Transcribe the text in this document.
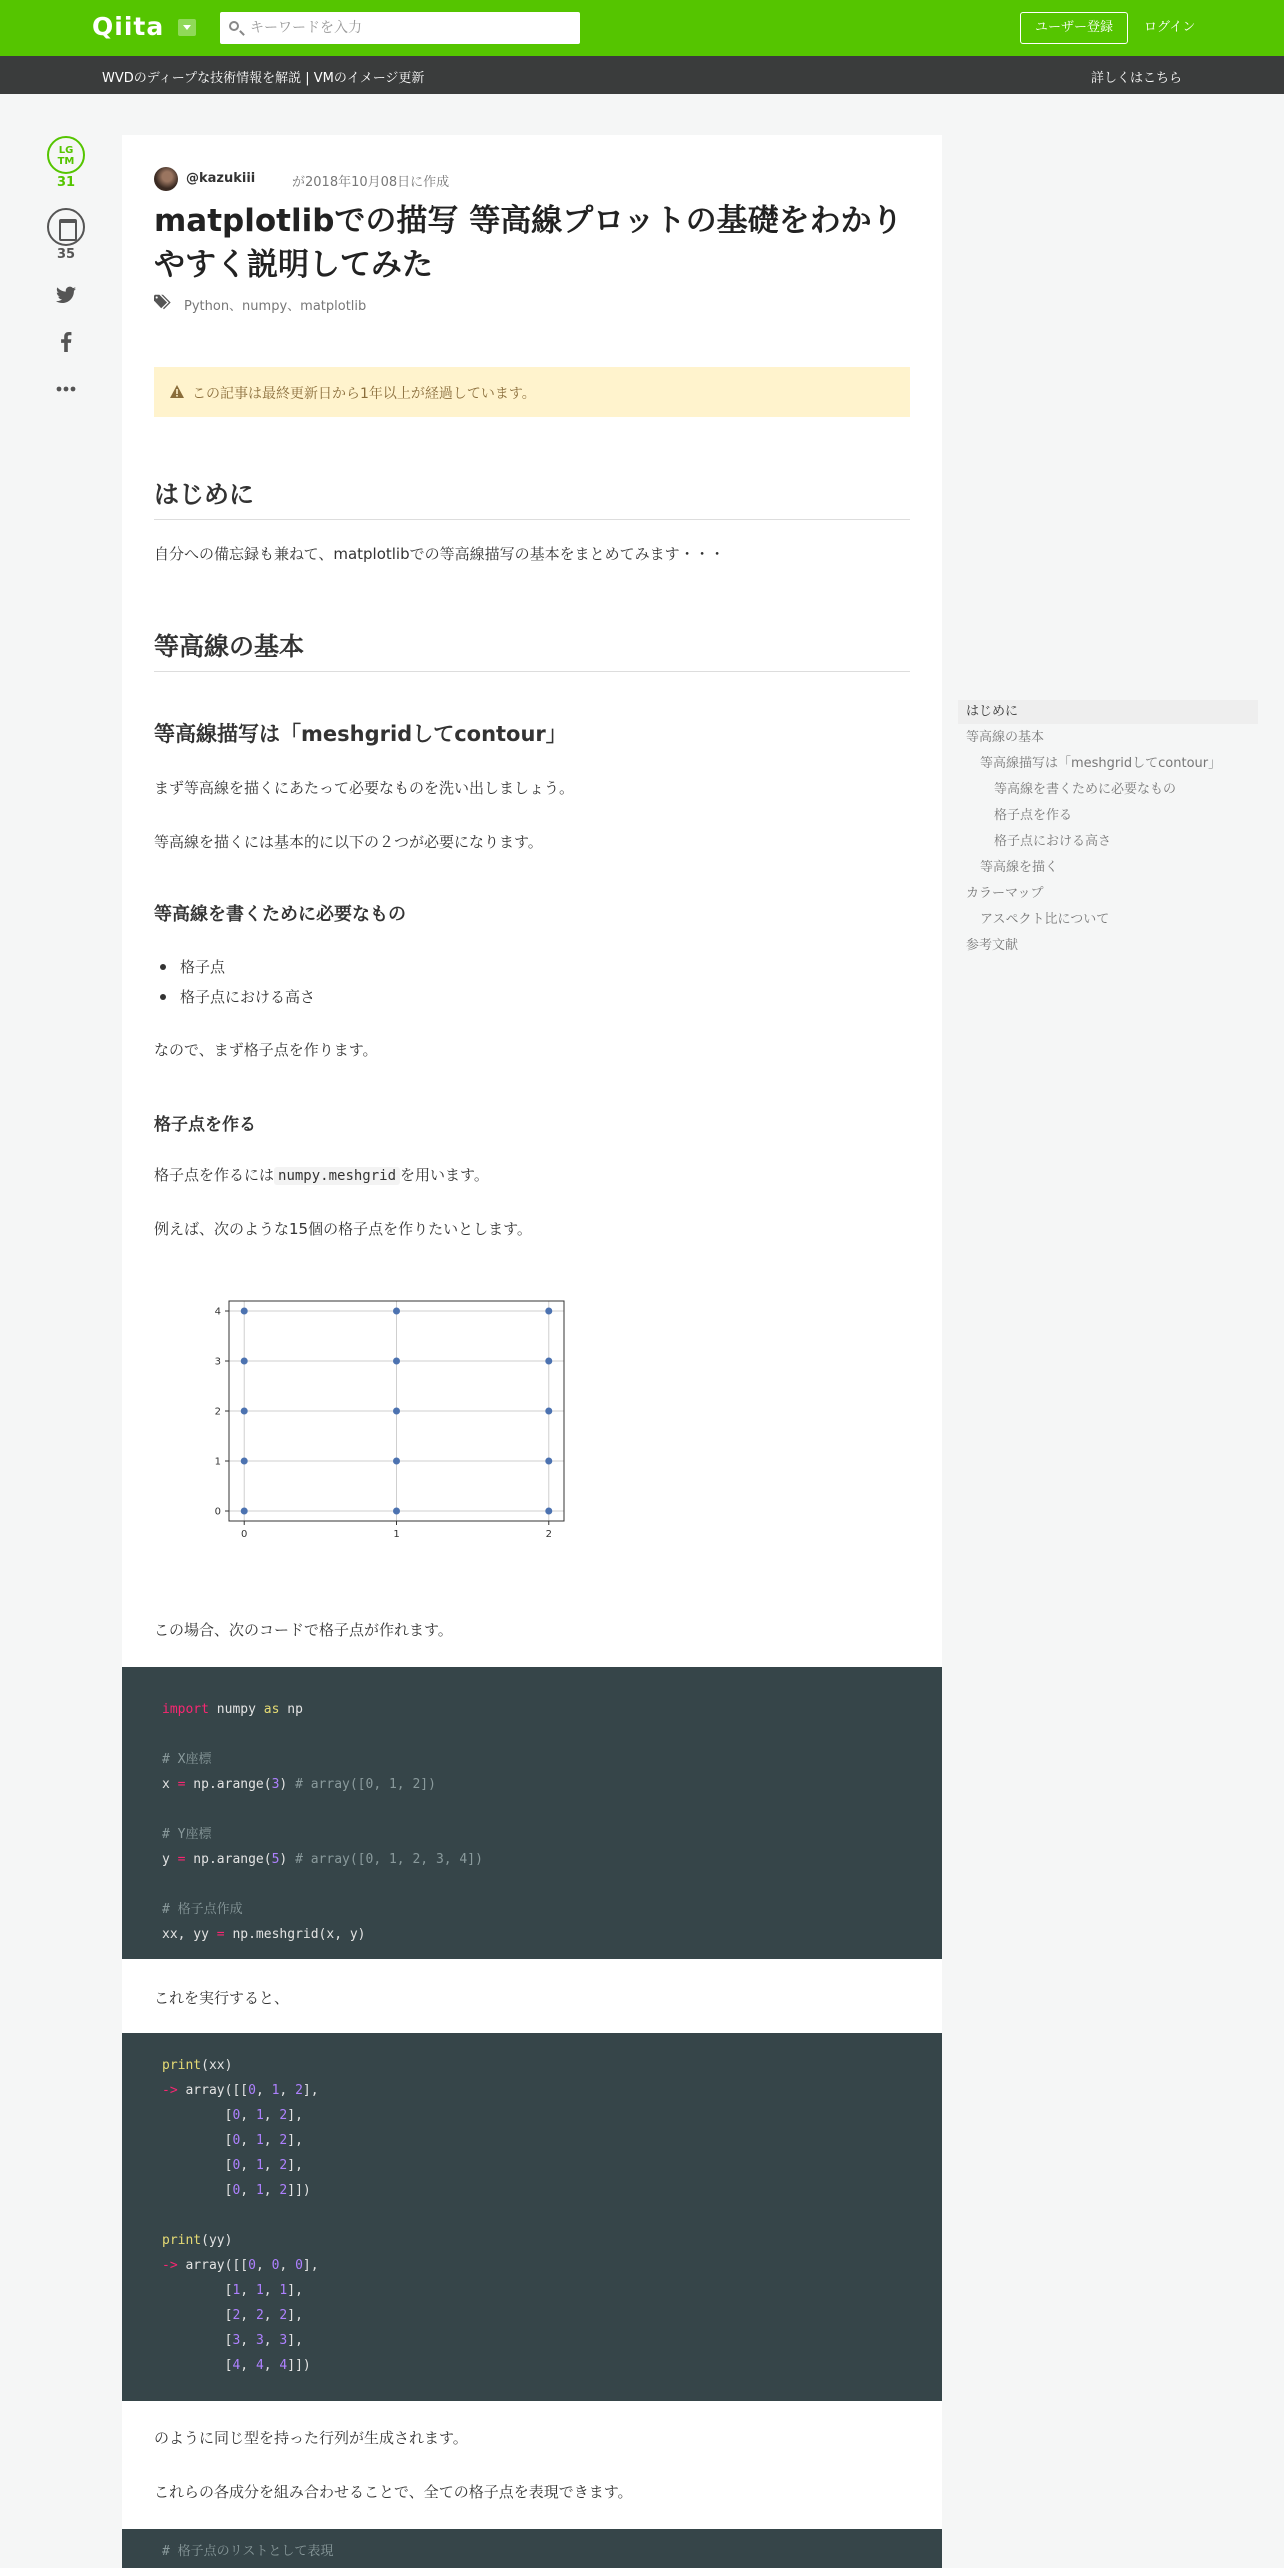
Qiita
キーワードを入力	ユーザー登録	ログイン
WVDのディープな技術情報を解説 | VMのイメージ更新	詳しくはこちら
LG TM
31
35
@kazukiii	が2018年10月08日に作成
matplotlibでの描写 等高線プロットの基礎をわかりやすく説明してみた
Python、numpy、matplotlib
この記事は最終更新日から1年以上が経過しています。
はじめに
自分への備忘録も兼ねて、matplotlibでの等高線描写の基本をまとめてみます・・・
等高線の基本
等高線描写は「meshgridしてcontour」
まず等高線を描くにあたって必要なものを洗い出しましょう。
等高線を描くには基本的に以下の２つが必要になります。
等高線を書くために必要なもの
格子点
格子点における高さ
なので、まず格子点を作ります。
格子点を作る
格子点を作るには numpy.meshgrid を用います。
例えば、次のような15個の格子点を作りたいとします。
0	1	2
0
1
2
3
4
この場合、次のコードで格子点が作れます。
import numpy as np
# X座標
x = np.arange(3) # array([0, 1, 2])
# Y座標
y = np.arange(5) # array([0, 1, 2, 3, 4])
# 格子点作成
xx, yy = np.meshgrid(x, y)
これを実行すると、
print(xx)
-> array([[0, 1, 2],
[0, 1, 2],
[0, 1, 2],
[0, 1, 2],
[0, 1, 2]])
print(yy)
-> array([[0, 0, 0],
[1, 1, 1],
[2, 2, 2],
[3, 3, 3],
[4, 4, 4]])
のように同じ型を持った行列が生成されます。
これらの各成分を組み合わせることで、全ての格子点を表現できます。
# 格子点のリストとして表現
はじめに
等高線の基本
等高線描写は「meshgridしてcontour」
等高線を書くために必要なもの
格子点を作る
格子点における高さ
等高線を描く
カラーマップ
アスペクト比について
参考文献
